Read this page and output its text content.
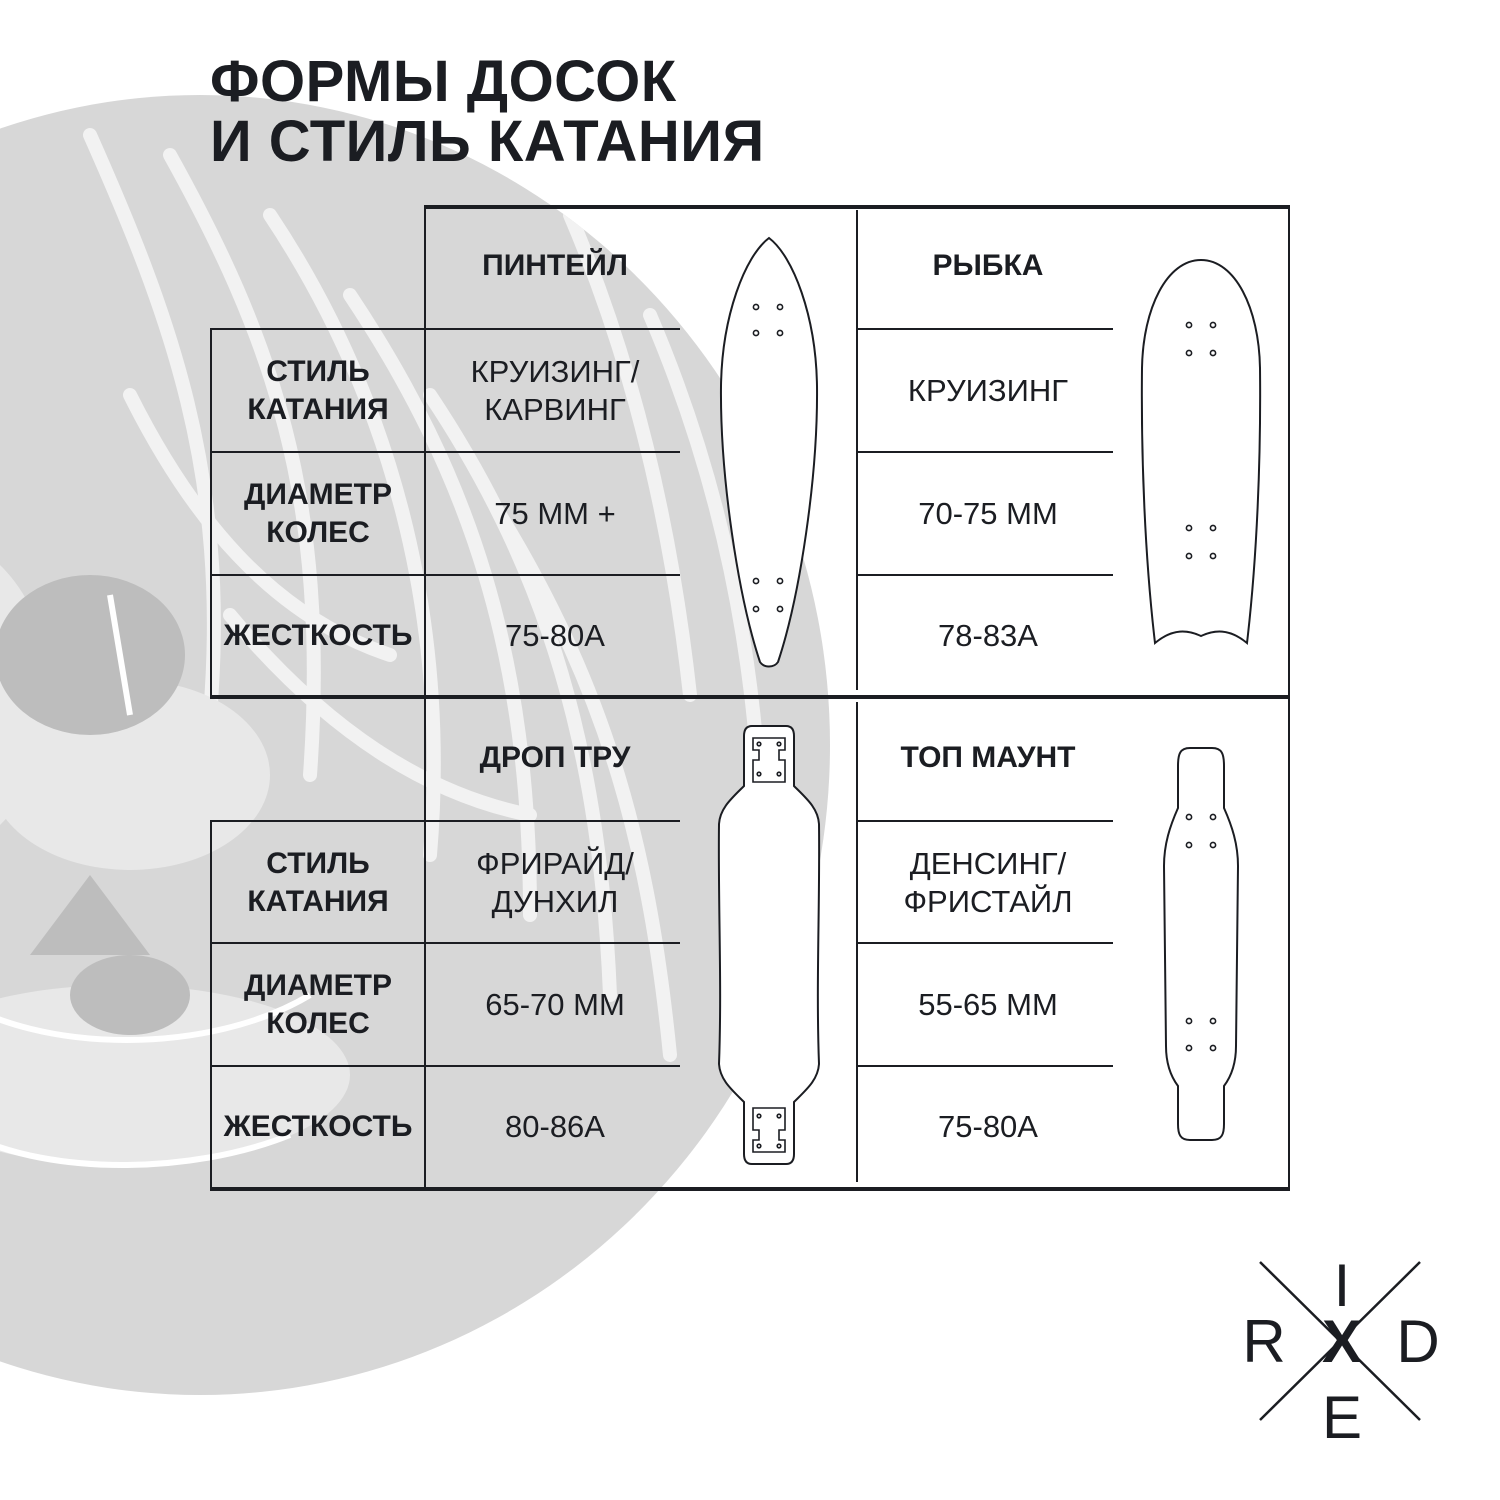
ФОРМЫ ДОСОК
И СТИЛЬ КАТАНИЯ
ПИНТЕЙЛ	РЫБКА
СТИЛЬ
КАТАНИЯ
ДИАМЕТР
КОЛЕС
ЖЕСТКОСТЬ
КРУИЗИНГ/
КАРВИНГ
75 ММ +
75-80А
КРУИЗИНГ
70-75 ММ
78-83А
ДРОП ТРУ	ТОП МАУНТ
СТИЛЬ
КАТАНИЯ
ДИАМЕТР
КОЛЕС
ЖЕСТКОСТЬ
ФРИРАЙД/
ДУНХИЛ
65-70 ММ
80-86А
ДЕНСИНГ/
ФРИСТАЙЛ
55-65 ММ
75-80А
I
R X D
E
